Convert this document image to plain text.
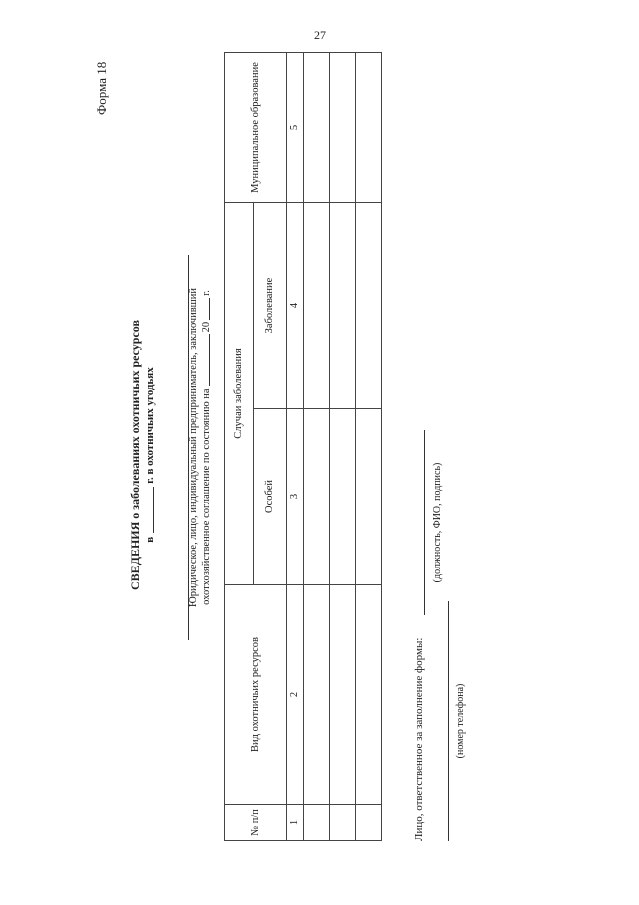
27
Форма 18
СВЕДЕНИЯ о заболеваниях охотничьих ресурсов вг. в охотничьих угодьях	Юридическое, лицо, индивидуальный предприниматель, заключивший охотхозяйственное соглашение по состоянию на20г.
№ п/п	Вид охотничьих ресурсов	Случаи заболевания		Муниципальное образование
		Особей	Заболевание	
1	2	3	4	5

Лицо, ответственное за заполнение формы:
(должность, ФИО, подпись)
(номер телефона)
